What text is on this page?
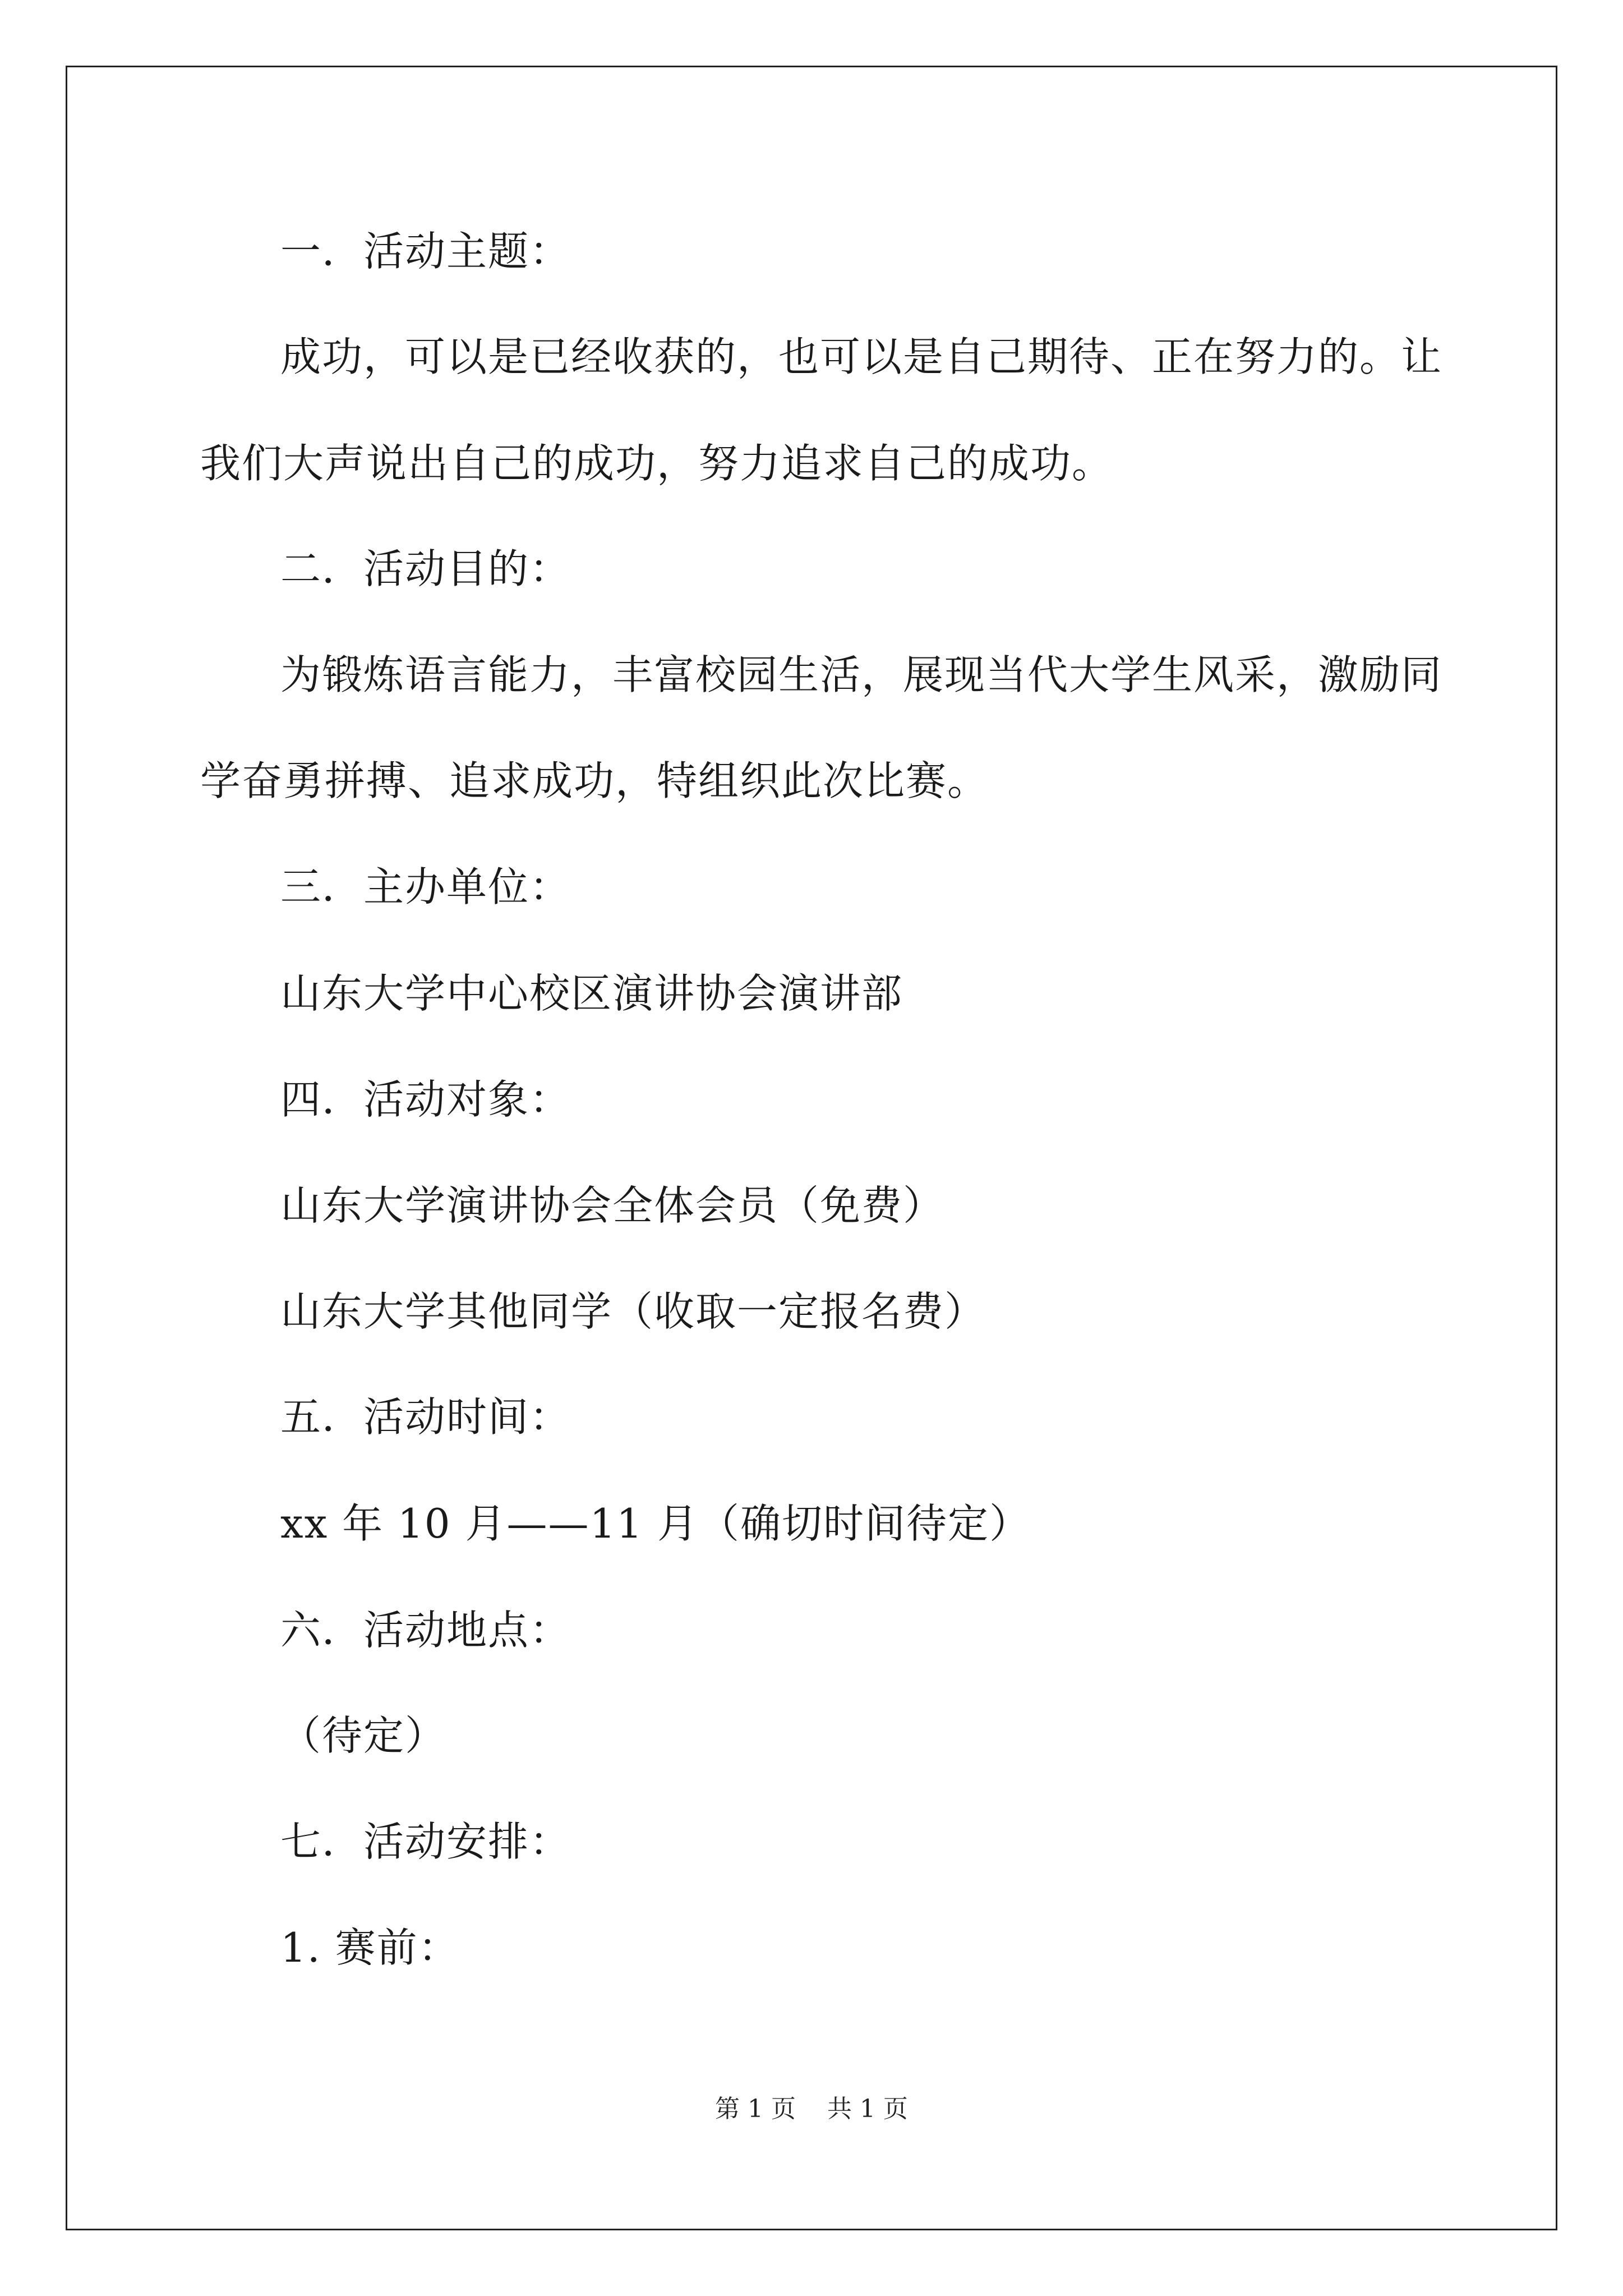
一．活动主题：
成功，可以是已经收获的，也可以是自己期待、正在努力的。让
我们大声说出自己的成功，努力追求自己的成功。
二．活动目的：
为锻炼语言能力，丰富校园生活，展现当代大学生风采，激励同
学奋勇拼搏、追求成功，特组织此次比赛。
三．主办单位：
山东大学中心校区演讲协会演讲部
四．活动对象：
山东大学演讲协会全体会员（免费）
山东大学其他同学（收取一定报名费）
五．活动时间：
xx 年 10 月——11 月（确切时间待定）
六．活动地点：
（待定）
七．活动安排：
1. 赛前：
第 1 页    共 1 页
